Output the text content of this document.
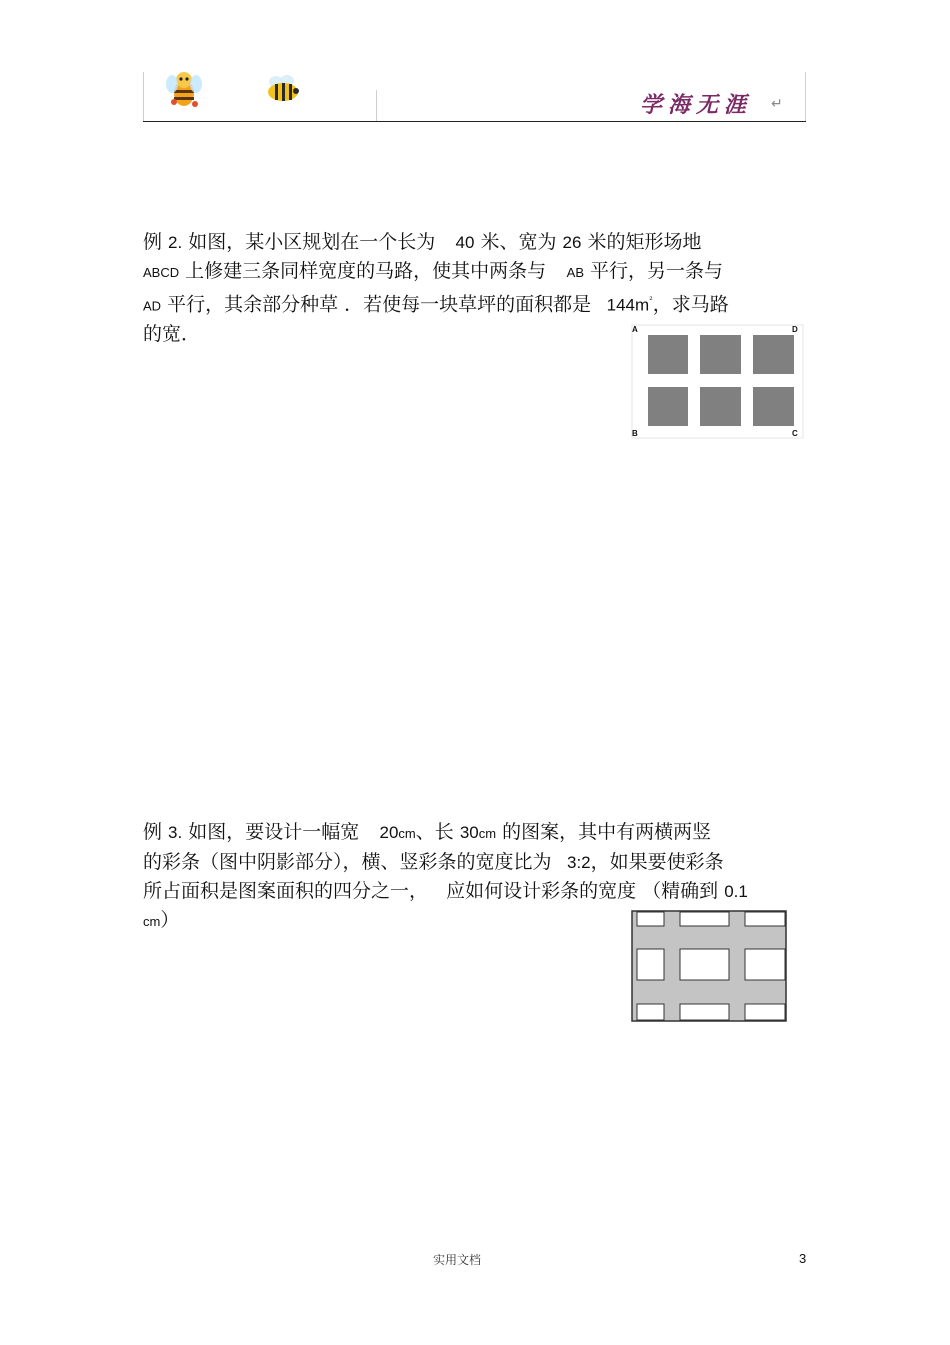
学海无涯 ↵
例 2. 如图，某小区规划在一个长为    40 米、宽为 26 米的矩形场地
ABCD 上修建三条同样宽度的马路，使其中两条与     AB 平行，另一条与
AD 平行，其余部分种草 ．若使每一块草坪的面积都是   $144m^{^2}$，求马路
的宽．	A	D
B	C
例 3. 如图，要设计一幅宽    20cm、长 30cm 的图案，其中有两横两竖
的彩条（图中阴影部分），横、竖彩条的宽度比为   3:2，如果要使彩条
所占面积是图案面积的四分之一，   应如何设计彩条的宽度 （精确到 0.1
cm）
实用文档	3
